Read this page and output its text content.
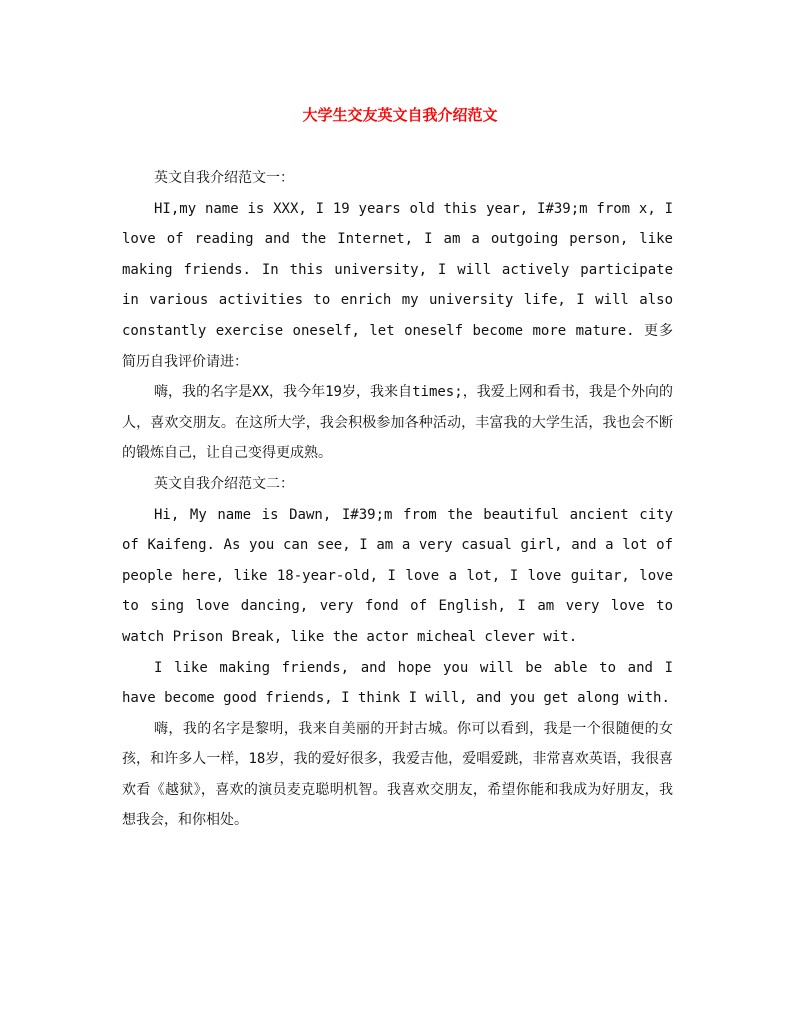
大学生交友英文自我介绍范文

英文自我介绍范文一：

HI,my name is XXX, I 19 years old this year, I#39;m from x, I love of reading and the Internet, I am a outgoing person, like making friends. In this university, I will actively participate in various activities to enrich my university life, I will also constantly exercise oneself, let oneself become more mature. 更多简历自我评价请进：

嗨，我的名字是XX，我今年19岁，我来自times;，我爱上网和看书，我是个外向的人，喜欢交朋友。在这所大学，我会积极参加各种活动，丰富我的大学生活，我也会不断的锻炼自己，让自己变得更成熟。

英文自我介绍范文二：

Hi, My name is Dawn, I#39;m from the beautiful ancient city of Kaifeng. As you can see, I am a very casual girl, and a lot of people here, like 18-year-old, I love a lot, I love guitar, love to sing love dancing, very fond of English, I am very love to watch Prison Break, like the actor micheal clever wit.

I like making friends, and hope you will be able to and I have become good friends, I think I will, and you get along with.

嗨，我的名字是黎明，我来自美丽的开封古城。你可以看到，我是一个很随便的女孩，和许多人一样，18岁，我的爱好很多，我爱吉他，爱唱爱跳，非常喜欢英语，我很喜欢看《越狱》，喜欢的演员麦克聪明机智。我喜欢交朋友，希望你能和我成为好朋友，我想我会，和你相处。
